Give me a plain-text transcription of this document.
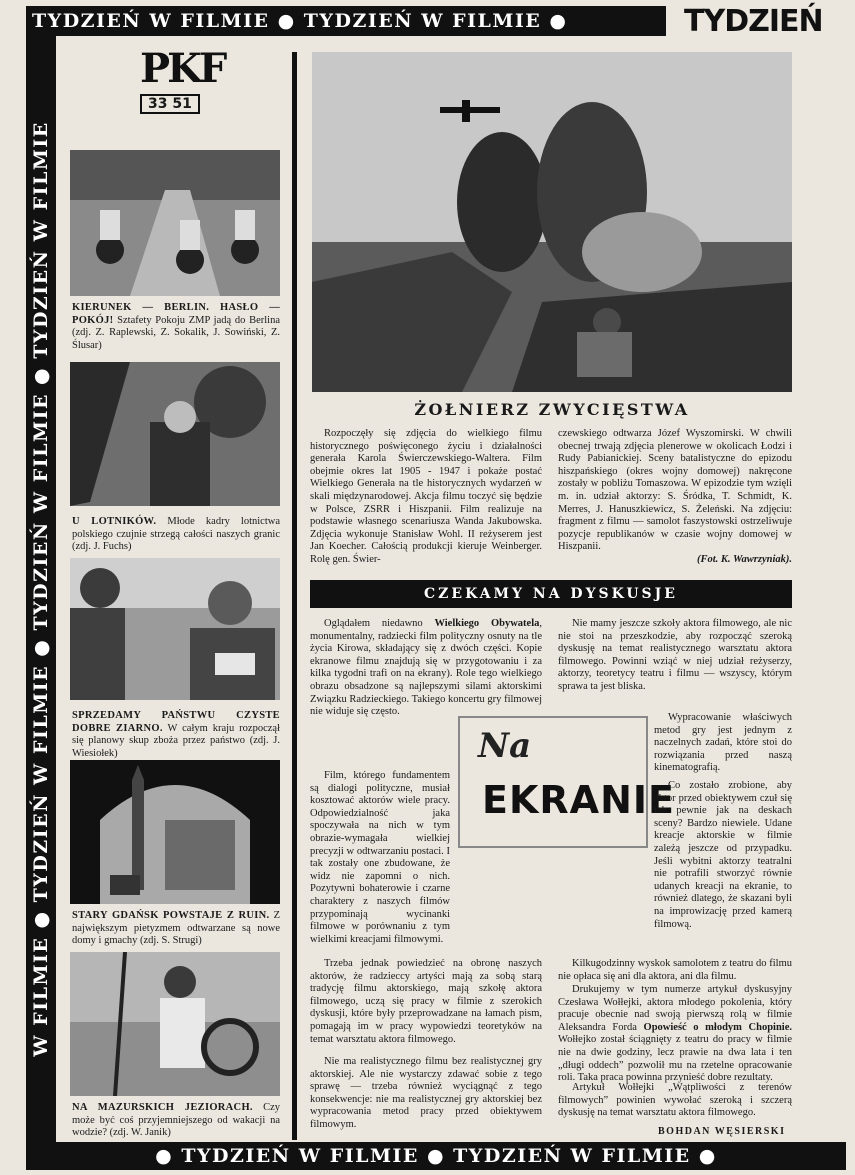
TYDZIEŃ W FILMIE ● TYDZIEŃ W FILMIE ●	TYDZIEŃ
W FILMIE ● TYDZIEŃ W FILMIE ● TYDZIEŃ W FILMIE ● TYDZIEŃ W FILMIE
● TYDZIEŃ W FILMIE ● TYDZIEŃ W FILMIE ●
PKF
33 51
KIERUNEK — BERLIN. HASŁO — POKÓJ! Sztafety Pokoju ZMP jadą do Berlina (zdj. Z. Raplewski, Z. Sokalik, J. Sowiński, Z. Ślusar)
U LOTNIKÓW. Młode kadry lotnictwa polskiego czujnie strzegą całości naszych granic (zdj. J. Fuchs)
SPRZEDAMY PAŃSTWU CZYSTE DOBRE ZIARNO. W całym kraju rozpoczął się planowy skup zboża przez państwo (zdj. J. Wiesiołek)
STARY GDAŃSK POWSTAJE Z RUIN. Z największym pietyzmem odtwarzane są nowe domy i gmachy (zdj. S. Strugi)
NA MAZURSKICH JEZIORACH. Czy może być coś przyjemniejszego od wakacji na wodzie? (zdj. W. Janik)
ŻOŁNIERZ ZWYCIĘSTWA
Rozpoczęły się zdjęcia do wielkiego filmu historycznego poświęconego życiu i działalności generała Karola Świerczewskiego-Waltera. Film obejmie okres lat 1905 - 1947 i pokaże postać Wielkiego Generała na tle historycznych wydarzeń w skali międzynarodowej. Akcja filmu toczyć się będzie w Polsce, ZSRR i Hiszpanii. Film realizuje na podstawie własnego scenariusza Wanda Jakubowska. Zdjęcia wykonuje Stanisław Wohl. II reżyserem jest Jan Koecher. Całością produkcji kieruje Weinberger. Rolę gen. Świer-
czewskiego odtwarza Józef Wyszomirski. W chwili obecnej trwają zdjęcia plenerowe w okolicach Łodzi i Rudy Pabianickiej. Sceny batalistyczne do epizodu hiszpańskiego (okres wojny domowej) nakręcone zostały w pobliżu Tomaszowa. W epizodzie tym wzięli m. in. udział aktorzy: S. Śródka, T. Schmidt, K. Merres, J. Hanuszkiewicz, S. Żeleński. Na zdjęciu: fragment z filmu — samolot faszystowski ostrzeliwuje pozycje republikanów w czasie wojny domowej w Hiszpanii.
(Fot. K. Wawrzyniak).
CZEKAMY NA DYSKUSJE
Oglądałem niedawno Wielkiego Obywatela, monumentalny, radziecki film polityczny osnuty na tle życia Kirowa, składający się z dwóch części. Kopie ekranowe filmu znajdują się w przygotowaniu i za kilka tygodni trafi on na ekrany). Role tego wielkiego obrazu obsadzone są najlepszymi silami aktorskimi Związku Radzieckiego. Takiego koncertu gry filmowej nie widuje się często.
Film, którego fundamentem są dialogi polityczne, musiał kosztować aktorów wiele pracy. Odpowiedzialność jaka spoczywała na nich w tym obrazie-wymagała wielkiej precyzji w odtwarzaniu postaci. I tak zostały one zbudowane, że widz nie zapomni o nich. Pozytywni bohaterowie i czarne charaktery z naszych filmów przypominają wycinanki filmowe w porównaniu z tym wielkimi kreacjami filmowymi.
Trzeba jednak powiedzieć na obronę naszych aktorów, że radzieccy artyści mają za sobą starą tradycję filmu aktorskiego, mają szkołę aktora filmowego, uczą się pracy w filmie z szerokich dyskusji, które były przeprowadzane na łamach pism, pomagają im w pracy wypowiedzi teoretyków na temat warsztatu aktora filmowego.
Nie ma realistycznego filmu bez realistycznej gry aktorskiej. Ale nie wystarczy zdawać sobie z tego sprawę — trzeba również wyciągnąć z tego konsekwencje: nie ma realistycznej gry aktorskiej bez wypracowania metod pracy przed obiektywem filmowym.
Na
EKRANIE
Nie mamy jeszcze szkoły aktora filmowego, ale nic nie stoi na przeszkodzie, aby rozpocząć szeroką dyskusję na temat realistycznego warsztatu aktora filmowego. Powinni wziąć w niej udział reżyserzy, aktorzy, teoretycy teatru i filmu — wszyscy, którym sprawa ta jest bliska.
Wypracowanie właściwych metod gry jest jednym z naczelnych zadań, które stoi do rozwiązania przed naszą kinematografią.
Co zostało zrobione, aby aktor przed obiektywem czuł się tak pewnie jak na deskach sceny? Bardzo niewiele. Udane kreacje aktorskie w filmie zależą jeszcze od przypadku. Jeśli wybitni aktorzy teatralni nie potrafili stworzyć równie udanych kreacji na ekranie, to również dlatego, że skazani byli na improwizację przed kamerą filmową.
Kilkugodzinny wyskok samolotem z teatru do filmu nie opłaca się ani dla aktora, ani dla filmu.
Drukujemy w tym numerze artykuł dyskusyjny Czesława Wołłejki, aktora młodego pokolenia, który pracuje obecnie nad swoją pierwszą rolą w filmie Aleksandra Forda Opowieść o młodym Chopinie. Wołłejko został ściągnięty z teatru do pracy w filmie nie na dwie godziny, lecz prawie na dwa lata i ten „długi oddech” pozwolił mu na rzetelne opracowanie roli. Taka praca powinna przynieść dobre rezultaty.
Artykuł Wołłejki „Wątpliwości z terenów filmowych” powinien wywołać szeroką i szczerą dyskusję na temat warsztatu aktora filmowego.
BOHDAN WĘSIERSKI
